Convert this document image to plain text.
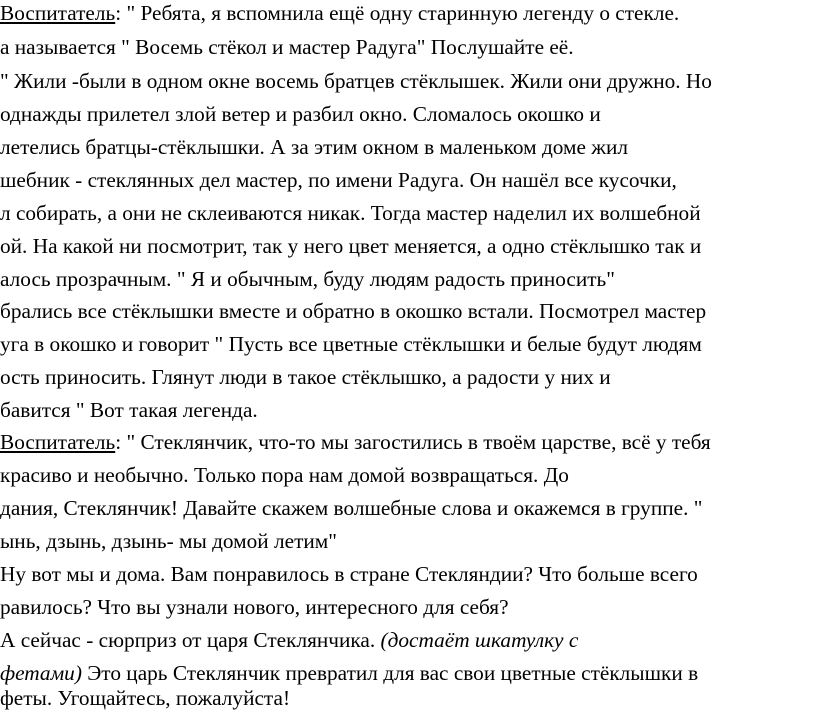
Воспитатель: " Ребята, я вспомнила ещё одну старинную легенду о стекле.
а называется " Восемь стёкол и мастер Радуга" Послушайте её.
" Жили -были в одном окне восемь братцев стёклышек. Жили они дружно. Но
однажды прилетел злой ветер и разбил окно. Сломалось окошко и
летелись братцы-стёклышки. А за этим окном в маленьком доме жил
шебник - стеклянных дел мастер, по имени Радуга. Он нашёл все кусочки,
л собирать, а они не склеиваются никак. Тогда мастер наделил их волшебной
ой. На какой ни посмотрит, так у него цвет меняется, а одно стёклышко так и
алось прозрачным. " Я и обычным, буду людям радость приносить"
брались все стёклышки вместе и обратно в окошко встали. Посмотрел мастер
уга в окошко и говорит " Пусть все цветные стёклышки и белые будут людям
ость приносить. Глянут люди в такое стёклышко, а радости у них и
бавится " Вот такая легенда.
Воспитатель: " Стеклянчик, что-то мы загостились в твоём царстве, всё у тебя
красиво и необычно. Только пора нам домой возвращаться. До
дания, Стеклянчик! Давайте скажем волшебные слова и окажемся в группе. "
ынь, дзынь, дзынь- мы домой летим"
Ну вот мы и дома. Вам понравилось в стране Стекляндии? Что больше всего
равилось? Что вы узнали нового, интересного для себя?
А сейчас - сюрприз от царя Стеклянчика. (достаёт шкатулку с
фетами) Это царь Стеклянчик превратил для вас свои цветные стёклышки в
феты. Угощайтесь, пожалуйста!
